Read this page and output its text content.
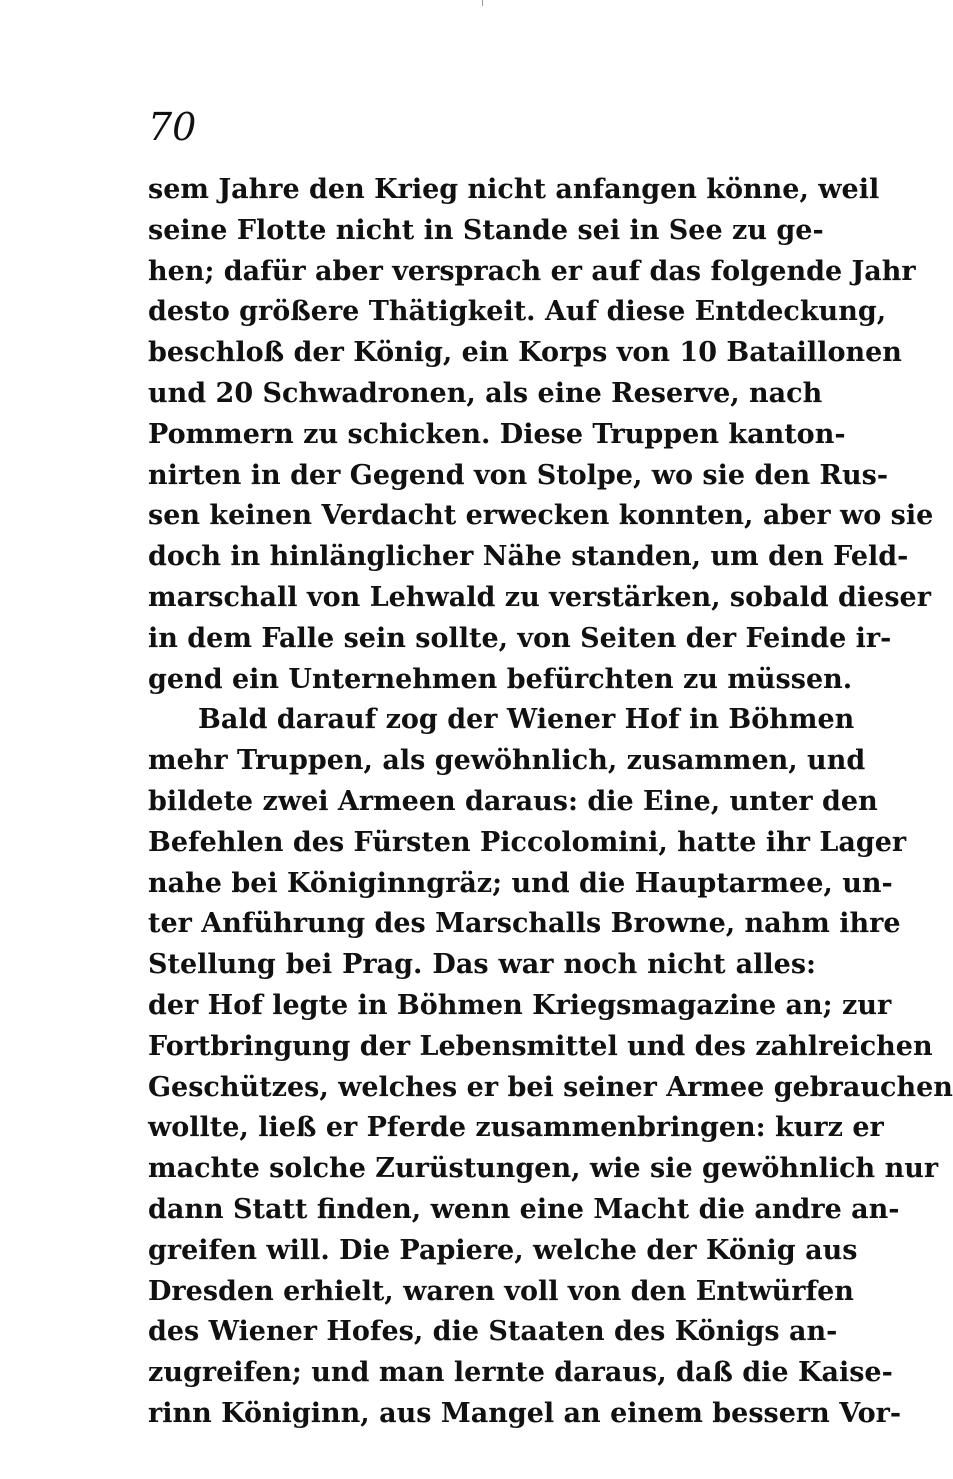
70

sem Jahre den Krieg nicht anfangen könne, weil
seine Flotte nicht in Stande sei in See zu ge-
hen; dafür aber versprach er auf das folgende Jahr
desto größere Thätigkeit. Auf diese Entdeckung,
beschloß der König, ein Korps von 10 Bataillonen
und 20 Schwadronen, als eine Reserve, nach
Pommern zu schicken. Diese Truppen kanton-
nirten in der Gegend von Stolpe, wo sie den Rus-
sen keinen Verdacht erwecken konnten, aber wo sie
doch in hinlänglicher Nähe standen, um den Feld-
marschall von Lehwald zu verstärken, sobald dieser
in dem Falle sein sollte, von Seiten der Feinde ir-
gend ein Unternehmen befürchten zu müssen.
Bald darauf zog der Wiener Hof in Böhmen
mehr Truppen, als gewöhnlich, zusammen, und
bildete zwei Armeen daraus: die Eine, unter den
Befehlen des Fürsten Piccolomini, hatte ihr Lager
nahe bei Königinngräz; und die Hauptarmee, un-
ter Anführung des Marschalls Browne, nahm ihre
Stellung bei Prag. Das war noch nicht alles:
der Hof legte in Böhmen Kriegsmagazine an; zur
Fortbringung der Lebensmittel und des zahlreichen
Geschützes, welches er bei seiner Armee gebrauchen
wollte, ließ er Pferde zusammenbringen: kurz er
machte solche Zurüstungen, wie sie gewöhnlich nur
dann Statt finden, wenn eine Macht die andre an-
greifen will. Die Papiere, welche der König aus
Dresden erhielt, waren voll von den Entwürfen
des Wiener Hofes, die Staaten des Königs an-
zugreifen; und man lernte daraus, daß die Kaise-
rinn Königinn, aus Mangel an einem bessern Vor-
